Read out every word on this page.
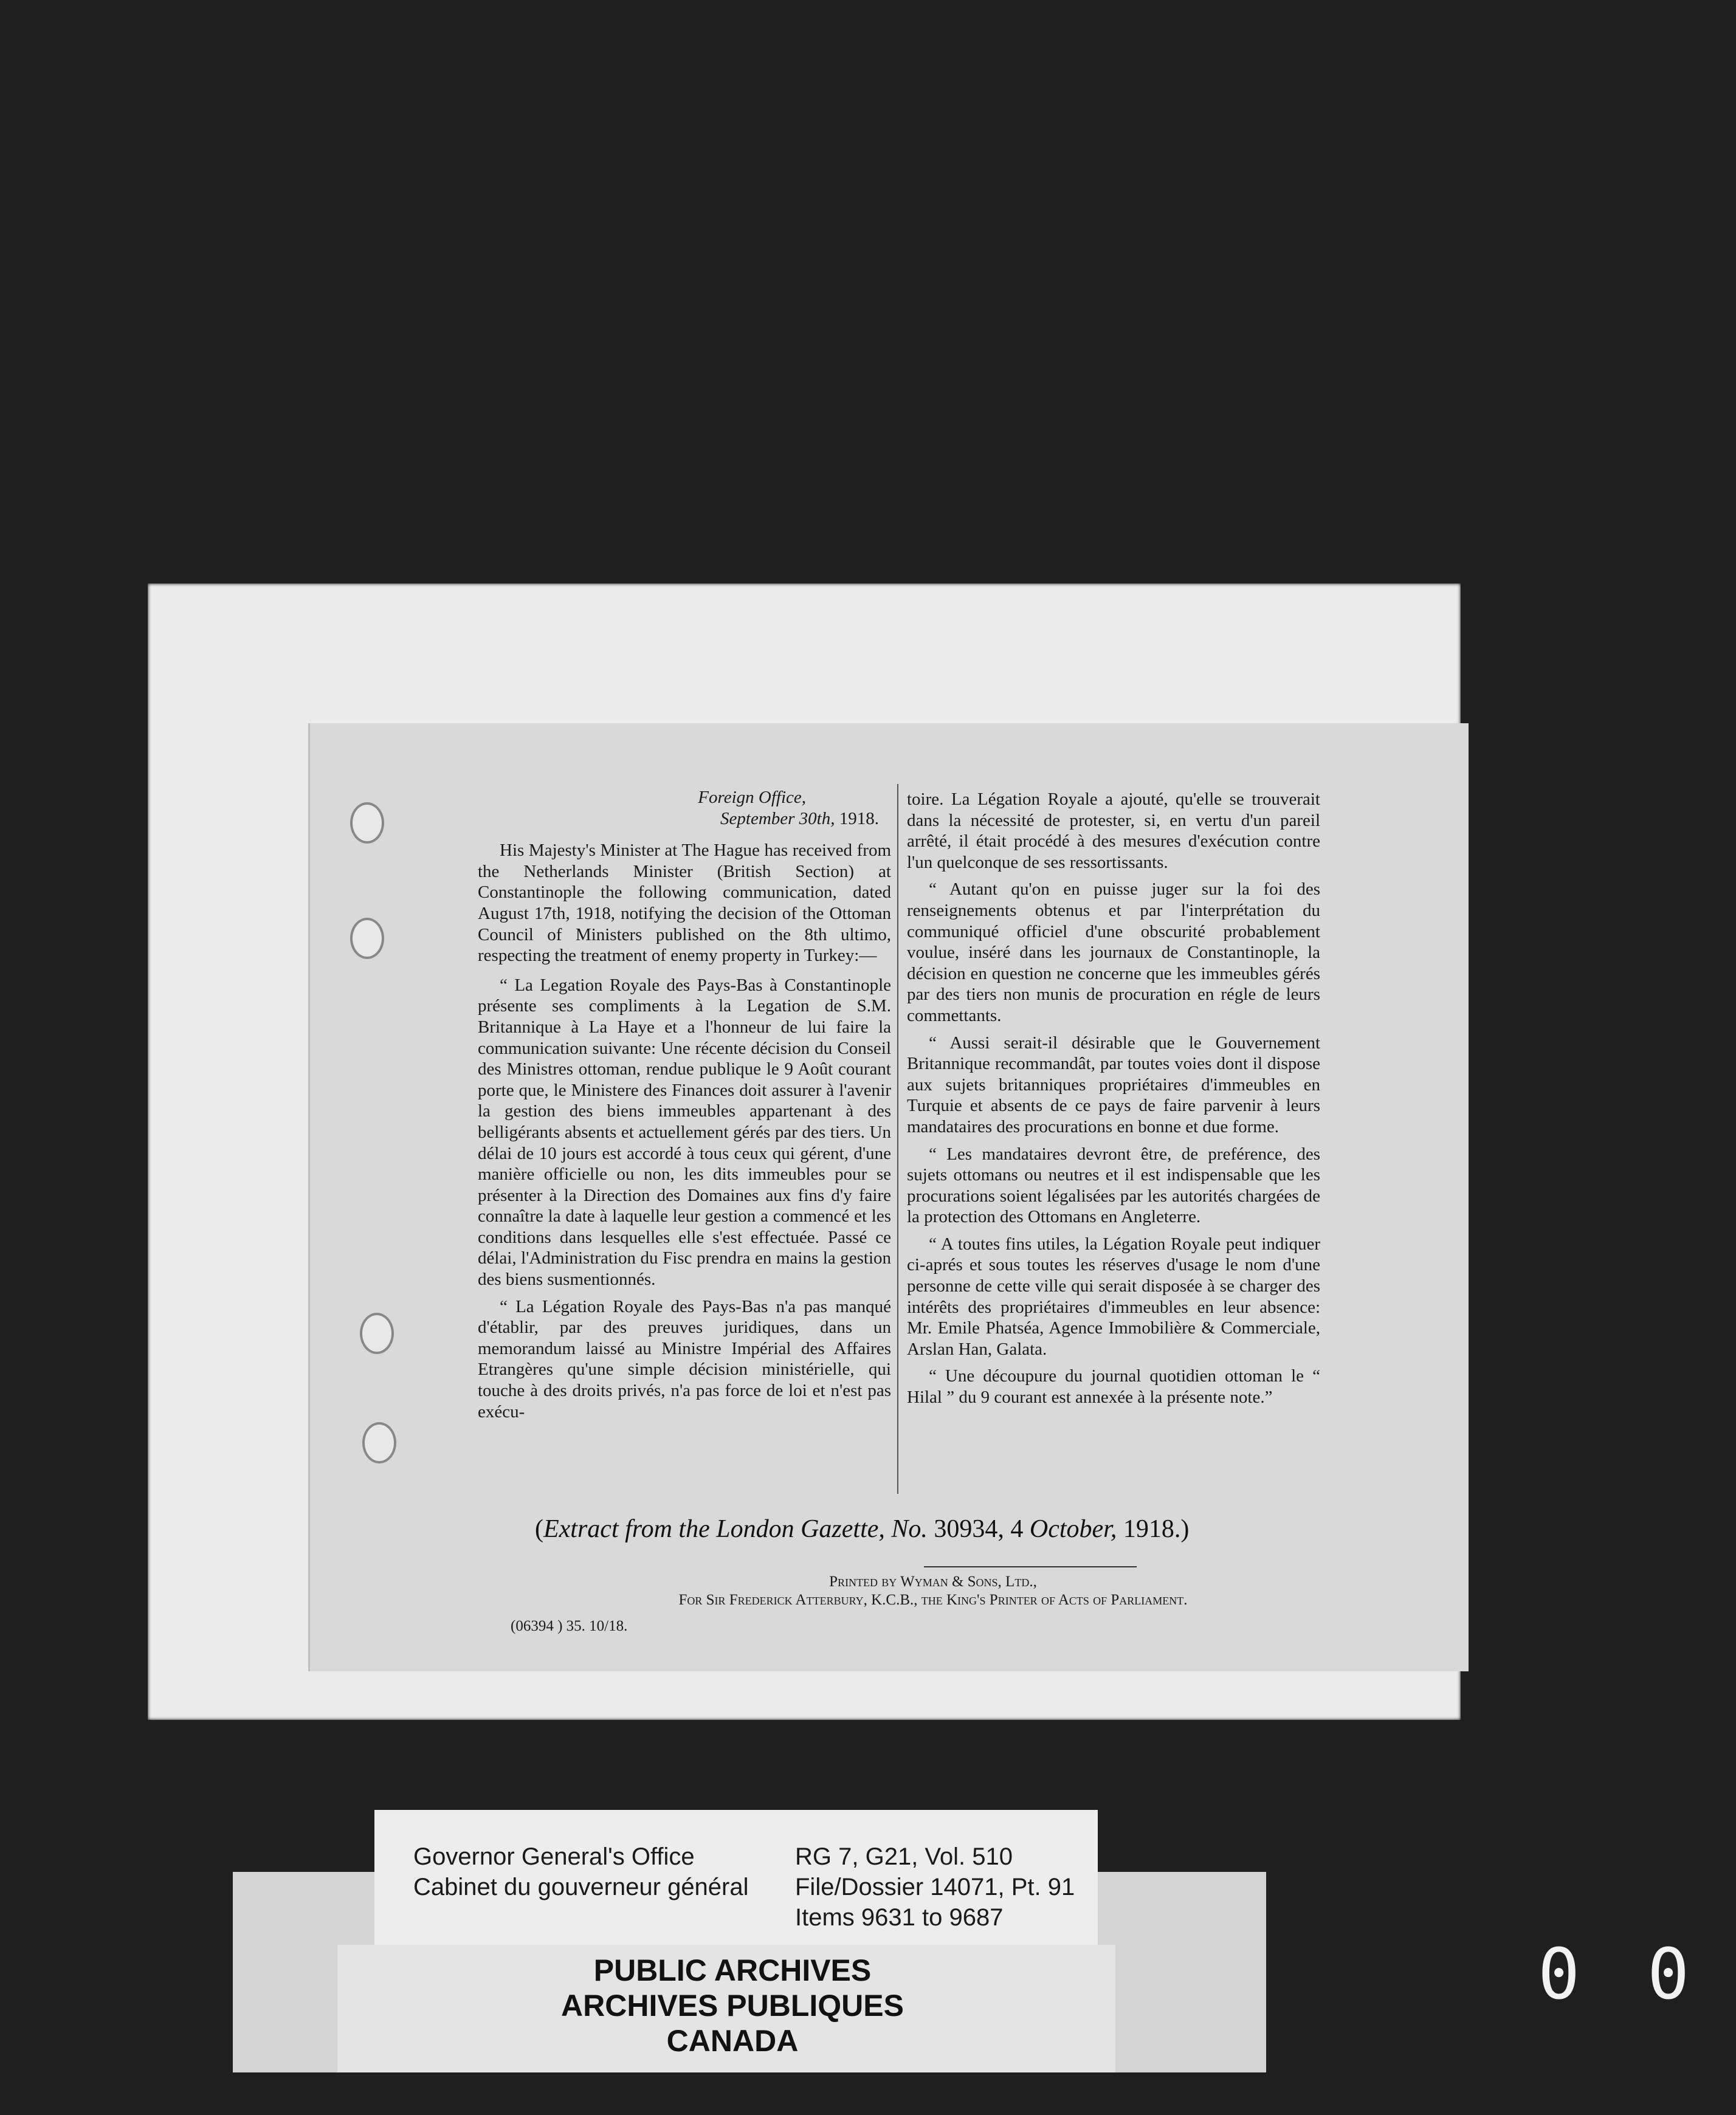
Foreign Office,

September 30th, 1918.

His Majesty's Minister at The Hague has received from the Netherlands Minister (British Section) at Constantinople the following communication, dated August 17th, 1918, notifying the decision of the Ottoman Council of Ministers published on the 8th ultimo, respecting the treatment of enemy property in Turkey:—

“ La Legation Royale des Pays-Bas à Constantinople présente ses compliments à la Legation de S.M. Britannique à La Haye et a l'honneur de lui faire la communication suivante: Une récente décision du Conseil des Ministres ottoman, rendue publique le 9 Août courant porte que, le Ministere des Finances doit assurer à l'avenir la gestion des biens immeubles appartenant à des belligérants absents et actuellement gérés par des tiers. Un délai de 10 jours est accordé à tous ceux qui gérent, d'une manière officielle ou non, les dits immeubles pour se présenter à la Direction des Domaines aux fins d'y faire connaître la date à laquelle leur gestion a commencé et les conditions dans lesquelles elle s'est effectuée. Passé ce délai, l'Administration du Fisc prendra en mains la gestion des biens susmentionnés.

“ La Légation Royale des Pays-Bas n'a pas manqué d'établir, par des preuves juridiques, dans un memorandum laissé au Ministre Impérial des Affaires Etrangères qu'une simple décision ministérielle, qui touche à des droits privés, n'a pas force de loi et n'est pas exécu-

toire. La Légation Royale a ajouté, qu'elle se trouverait dans la nécessité de protester, si, en vertu d'un pareil arrêté, il était procédé à des mesures d'exécution contre l'un quelconque de ses ressortissants.

“ Autant qu'on en puisse juger sur la foi des renseignements obtenus et par l'interprétation du communiqué officiel d'une obscurité probablement voulue, inséré dans les journaux de Constantinople, la décision en question ne concerne que les immeubles gérés par des tiers non munis de procuration en régle de leurs commettants.

“ Aussi serait-il désirable que le Gouvernement Britannique recommandât, par toutes voies dont il dispose aux sujets britanniques propriétaires d'immeubles en Turquie et absents de ce pays de faire parvenir à leurs mandataires des procurations en bonne et due forme.

“ Les mandataires devront être, de preférence, des sujets ottomans ou neutres et il est indispensable que les procurations soient légalisées par les autorités chargées de la protection des Ottomans en Angleterre.

“ A toutes fins utiles, la Légation Royale peut indiquer ci-aprés et sous toutes les réserves d'usage le nom d'une personne de cette ville qui serait disposée à se charger des intérêts des propriétaires d'immeubles en leur absence: Mr. Emile Phatséa, Agence Immobilière & Commerciale, Arslan Han, Galata.

“ Une découpure du journal quotidien ottoman le “ Hilal ” du 9 courant est annexée à la présente note.”

(Extract from the London Gazette, No. 30934, 4 October, 1918.)
Printed by Wyman & Sons, Ltd.,
For Sir Frederick Atterbury, K.C.B., the King's Printer of Acts of Parliament.
(06394 ) 35. 10/18.
Governor General's Office
Cabinet du gouverneur général
RG 7, G21, Vol. 510
File/Dossier 14071, Pt. 91
Items 9631 to 9687
PUBLIC ARCHIVES
ARCHIVES PUBLIQUES
CANADA
0 0
